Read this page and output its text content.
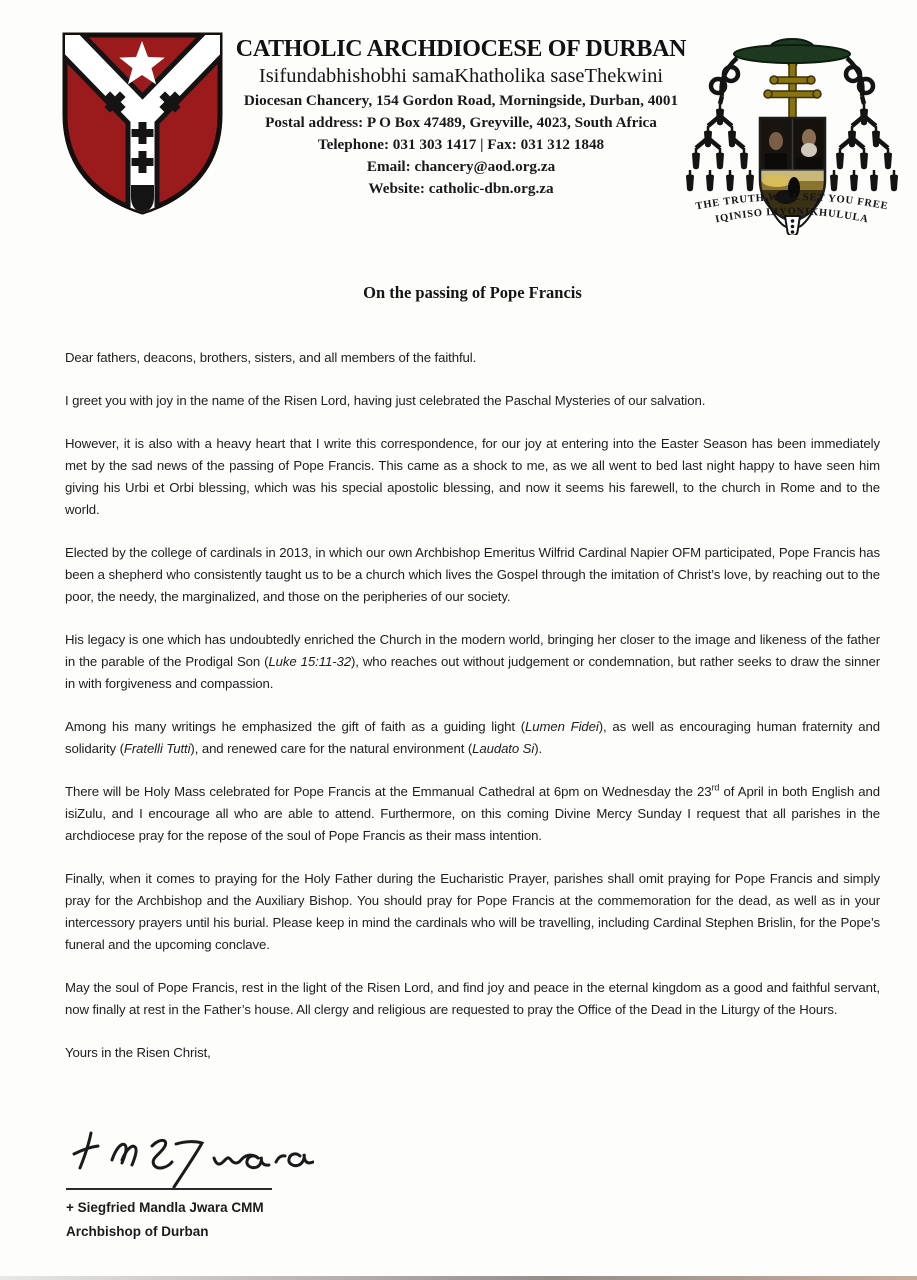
CATHOLIC ARCHDIOCESE OF DURBAN
Isifundabhishobhi samaKhatholika saseThekwini
Diocesan Chancery, 154 Gordon Road, Morningside, Durban, 4001
Postal address: P O Box 47489, Greyville, 4023, South Africa
Telephone: 031 303 1417 | Fax: 031 312 1848
Email: chancery@aod.org.za
Website: catholic-dbn.org.za
THE TRUTH WILL SET YOU FREE
IQINISO LIYONIKHULULA

On the passing of Pope Francis

Dear fathers, deacons, brothers, sisters, and all members of the faithful.

I greet you with joy in the name of the Risen Lord, having just celebrated the Paschal Mysteries of our salvation.

However, it is also with a heavy heart that I write this correspondence, for our joy at entering into the Easter Season has been immediately met by the sad news of the passing of Pope Francis. This came as a shock to me, as we all went to bed last night happy to have seen him giving his Urbi et Orbi blessing, which was his special apostolic blessing, and now it seems his farewell, to the church in Rome and to the world.

Elected by the college of cardinals in 2013, in which our own Archbishop Emeritus Wilfrid Cardinal Napier OFM participated, Pope Francis has been a shepherd who consistently taught us to be a church which lives the Gospel through the imitation of Christ’s love, by reaching out to the poor, the needy, the marginalized, and those on the peripheries of our society.

His legacy is one which has undoubtedly enriched the Church in the modern world, bringing her closer to the image and likeness of the father in the parable of the Prodigal Son (Luke 15:11-32), who reaches out without judgement or condemnation, but rather seeks to draw the sinner in with forgiveness and compassion.

Among his many writings he emphasized the gift of faith as a guiding light (Lumen Fidei), as well as encouraging human fraternity and solidarity (Fratelli Tutti), and renewed care for the natural environment (Laudato Si).

There will be Holy Mass celebrated for Pope Francis at the Emmanual Cathedral at 6pm on Wednesday the 23rd of April in both English and isiZulu, and I encourage all who are able to attend. Furthermore, on this coming Divine Mercy Sunday I request that all parishes in the archdiocese pray for the repose of the soul of Pope Francis as their mass intention.

Finally, when it comes to praying for the Holy Father during the Eucharistic Prayer, parishes shall omit praying for Pope Francis and simply pray for the Archbishop and the Auxiliary Bishop. You should pray for Pope Francis at the commemoration for the dead, as well as in your intercessory prayers until his burial. Please keep in mind the cardinals who will be travelling, including Cardinal Stephen Brislin, for the Pope’s funeral and the upcoming conclave.

May the soul of Pope Francis, rest in the light of the Risen Lord, and find joy and peace in the eternal kingdom as a good and faithful servant, now finally at rest in the Father’s house. All clergy and religious are requested to pray the Office of the Dead in the Liturgy of the Hours.

Yours in the Risen Christ,

+ Siegfried Mandla Jwara CMM
Archbishop of Durban
